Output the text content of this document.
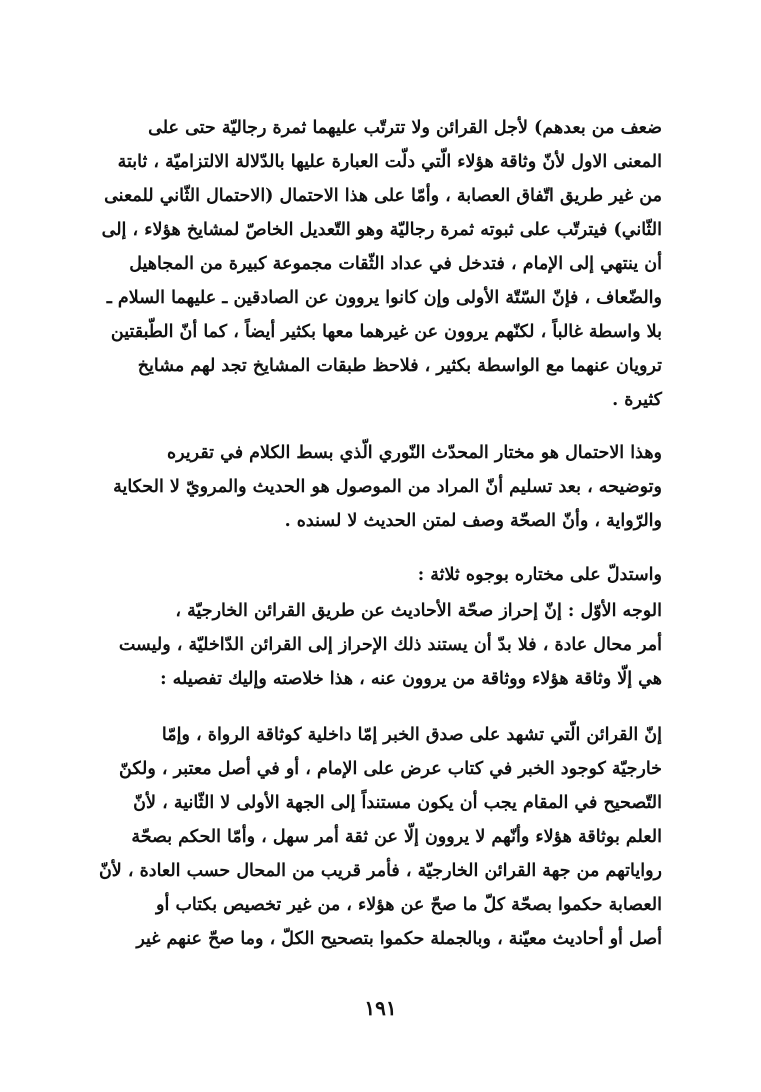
ضعف من بعدهم) لأجل القرائن ولا تترتّب عليهما ثمرة رجاليّة حتى على
المعنى الاول لأنّ وثاقة هؤلاء الّتي دلّت العبارة عليها بالدّلالة الالتزاميّة ، ثابتة
من غير طريق اتّفاق العصابة ، وأمّا على هذا الاحتمال (الاحتمال الثّاني للمعنى
الثّاني) فيترتّب على ثبوته ثمرة رجاليّة وهو التّعديل الخاصّ لمشايخ هؤلاء ، إلى
أن ينتهي إلى الإمام ، فتدخل في عداد الثّقات مجموعة كبيرة من المجاهيل
والضّعاف ، فإنّ السّتّة الأولى وإن كانوا يروون عن الصادقين ـ عليهما السلام ـ
بلا واسطة غالباً ، لكنّهم يروون عن غيرهما معها بكثير أيضاً ، كما أنّ الطّبقتين
ترويان عنهما مع الواسطة بكثير ، فلاحظ طبقات المشايخ تجد لهم مشايخ
كثيرة .

وهذا الاحتمال هو مختار المحدّث النّوري الّذي بسط الكلام في تقريره
وتوضيحه ، بعد تسليم أنّ المراد من الموصول هو الحديث والمرويّ لا الحكاية
والرّواية ، وأنّ الصحّة وصف لمتن الحديث لا لسنده .

واستدلّ على مختاره بوجوه ثلاثة :

الوجه الأوّل : إنّ إحراز صحّة الأحاديث عن طريق القرائن الخارجيّة ،
أمر محال عادة ، فلا بدّ أن يستند ذلك الإحراز إلى القرائن الدّاخليّة ، وليست
هي إلّا وثاقة هؤلاء ووثاقة من يروون عنه ، هذا خلاصته وإليك تفصيله :

إنّ القرائن الّتي تشهد على صدق الخبر إمّا داخلية كوثاقة الرواة ، وإمّا
خارجيّة كوجود الخبر في كتاب عرض على الإمام ، أو في أصل معتبر ، ولكنّ
التّصحيح في المقام يجب أن يكون مستنداً إلى الجهة الأولى لا الثّانية ، لأنّ
العلم بوثاقة هؤلاء وأنّهم لا يروون إلّا عن ثقة أمر سهل ، وأمّا الحكم بصحّة
رواياتهم من جهة القرائن الخارجيّة ، فأمر قريب من المحال حسب العادة ، لأنّ
العصابة حكموا بصحّة كلّ ما صحّ عن هؤلاء ، من غير تخصيص بكتاب أو
أصل أو أحاديث معيّنة ، وبالجملة حكموا بتصحيح الكلّ ، وما صحّ عنهم غير

١٩١
